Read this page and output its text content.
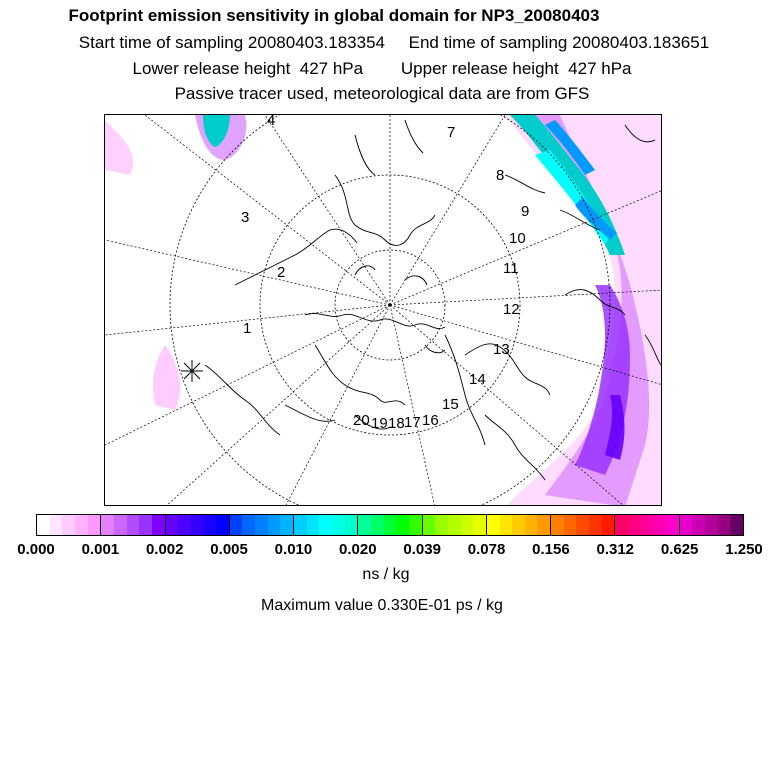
Footprint emission sensitivity in global domain for NP3_20080403
Start time of sampling 20080403.183354     End time of sampling 20080403.183651
Lower release height  427 hPa        Upper release height  427 hPa
Passive tracer used, meteorological data are from GFS
1
2
3
4
7
8
9
10
11
12
13
14
15
16
17
18
19
20
0.000 0.001 0.002 0.005 0.010 0.020 0.039 0.078 0.156 0.312 0.625 1.250
ns / kg
Maximum value 0.330E-01 ps / kg
